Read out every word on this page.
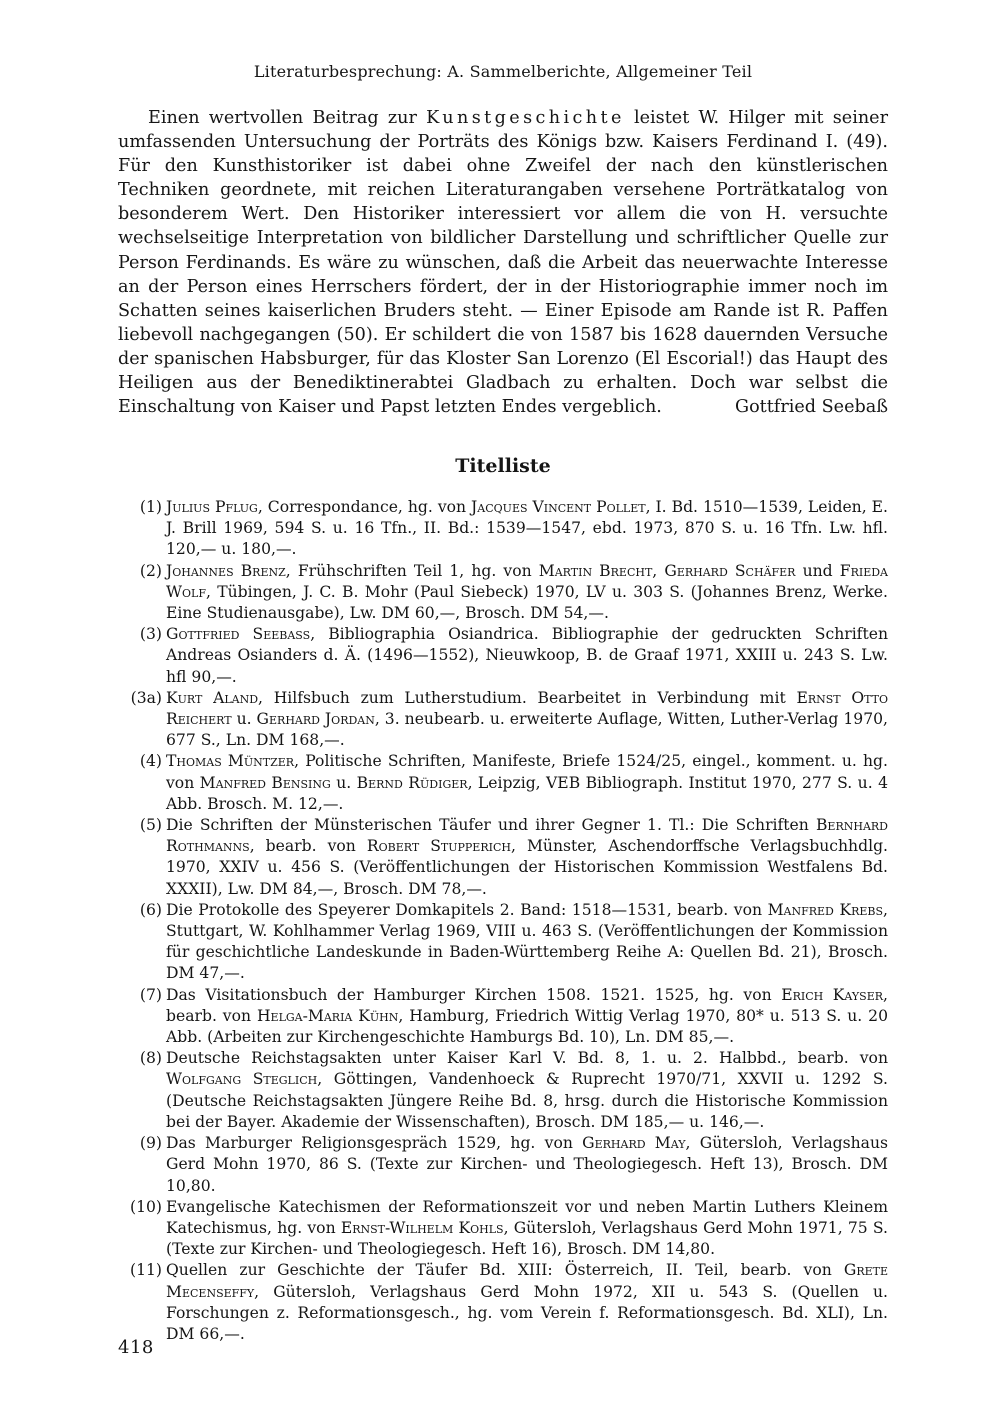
Literaturbesprechung: A. Sammelberichte, Allgemeiner Teil

Einen wertvollen Beitrag zur Kunstgeschichte leistet W. Hilger mit seiner umfassenden Untersuchung der Porträts des Königs bzw. Kaisers Ferdinand I. (49). Für den Kunsthistoriker ist dabei ohne Zweifel der nach den künstlerischen Techniken geordnete, mit reichen Literaturangaben versehene Porträtkatalog von besonderem Wert. Den Historiker interessiert vor allem die von H. versuchte wechselseitige Interpretation von bildlicher Darstellung und schriftlicher Quelle zur Person Ferdinands. Es wäre zu wünschen, daß die Arbeit das neuerwachte Interesse an der Person eines Herrschers fördert, der in der Historiographie immer noch im Schatten seines kaiserlichen Bruders steht. — Einer Episode am Rande ist R. Paffen liebevoll nachgegangen (50). Er schildert die von 1587 bis 1628 dauernden Versuche der spanischen Habsburger, für das Kloster San Lorenzo (El Escorial!) das Haupt des Heiligen aus der Benediktinerabtei Gladbach zu erhalten. Doch war selbst die Einschaltung von Kaiser und Papst letzten Endes vergeblich.	Gottfried Seebaß

Titelliste

(1) Julius Pflug, Correspondance, hg. von Jacques Vincent Pollet, I. Bd. 1510—1539, Leiden, E. J. Brill 1969, 594 S. u. 16 Tfn., II. Bd.: 1539—1547, ebd. 1973, 870 S. u. 16 Tfn. Lw. hfl. 120,— u. 180,—.

(2) Johannes Brenz, Frühschriften Teil 1, hg. von Martin Brecht, Gerhard Schäfer und Frieda Wolf, Tübingen, J. C. B. Mohr (Paul Siebeck) 1970, LV u. 303 S. (Johannes Brenz, Werke. Eine Studienausgabe), Lw. DM 60,—, Brosch. DM 54,—.

(3) Gottfried Seebass, Bibliographia Osiandrica. Bibliographie der gedruckten Schriften Andreas Osianders d. Ä. (1496—1552), Nieuwkoop, B. de Graaf 1971, XXIII u. 243 S. Lw. hfl 90,—.

(3a) Kurt Aland, Hilfsbuch zum Lutherstudium. Bearbeitet in Verbindung mit Ernst Otto Reichert u. Gerhard Jordan, 3. neubearb. u. erweiterte Auflage, Witten, Luther-Verlag 1970, 677 S., Ln. DM 168,—.

(4) Thomas Müntzer, Politische Schriften, Manifeste, Briefe 1524/25, eingel., komment. u. hg. von Manfred Bensing u. Bernd Rüdiger, Leipzig, VEB Bibliograph. Institut 1970, 277 S. u. 4 Abb. Brosch. M. 12,—.

(5) Die Schriften der Münsterischen Täufer und ihrer Gegner 1. Tl.: Die Schriften Bernhard Rothmanns, bearb. von Robert Stupperich, Münster, Aschendorffsche Verlagsbuchhdlg. 1970, XXIV u. 456 S. (Veröffentlichungen der Historischen Kommission Westfalens Bd. XXXII), Lw. DM 84,—, Brosch. DM 78,—.

(6) Die Protokolle des Speyerer Domkapitels 2. Band: 1518—1531, bearb. von Manfred Krebs, Stuttgart, W. Kohlhammer Verlag 1969, VIII u. 463 S. (Veröffentlichungen der Kommission für geschichtliche Landeskunde in Baden-Württemberg Reihe A: Quellen Bd. 21), Brosch. DM 47,—.

(7) Das Visitationsbuch der Hamburger Kirchen 1508. 1521. 1525, hg. von Erich Kayser, bearb. von Helga-Maria Kühn, Hamburg, Friedrich Wittig Verlag 1970, 80* u. 513 S. u. 20 Abb. (Arbeiten zur Kirchengeschichte Hamburgs Bd. 10), Ln. DM 85,—.

(8) Deutsche Reichstagsakten unter Kaiser Karl V. Bd. 8, 1. u. 2. Halbbd., bearb. von Wolfgang Steglich, Göttingen, Vandenhoeck & Ruprecht 1970/71, XXVII u. 1292 S. (Deutsche Reichstagsakten Jüngere Reihe Bd. 8, hrsg. durch die Historische Kommission bei der Bayer. Akademie der Wissenschaften), Brosch. DM 185,— u. 146,—.

(9) Das Marburger Religionsgespräch 1529, hg. von Gerhard May, Gütersloh, Verlagshaus Gerd Mohn 1970, 86 S. (Texte zur Kirchen- und Theologiegesch. Heft 13), Brosch. DM 10,80.

(10) Evangelische Katechismen der Reformationszeit vor und neben Martin Luthers Kleinem Katechismus, hg. von Ernst-Wilhelm Kohls, Gütersloh, Verlagshaus Gerd Mohn 1971, 75 S. (Texte zur Kirchen- und Theologiegesch. Heft 16), Brosch. DM 14,80.

(11) Quellen zur Geschichte der Täufer Bd. XIII: Österreich, II. Teil, bearb. von Grete Mecenseffy, Gütersloh, Verlagshaus Gerd Mohn 1972, XII u. 543 S. (Quellen u. Forschungen z. Reformationsgesch., hg. vom Verein f. Reformationsgesch. Bd. XLI), Ln. DM 66,—.

418
